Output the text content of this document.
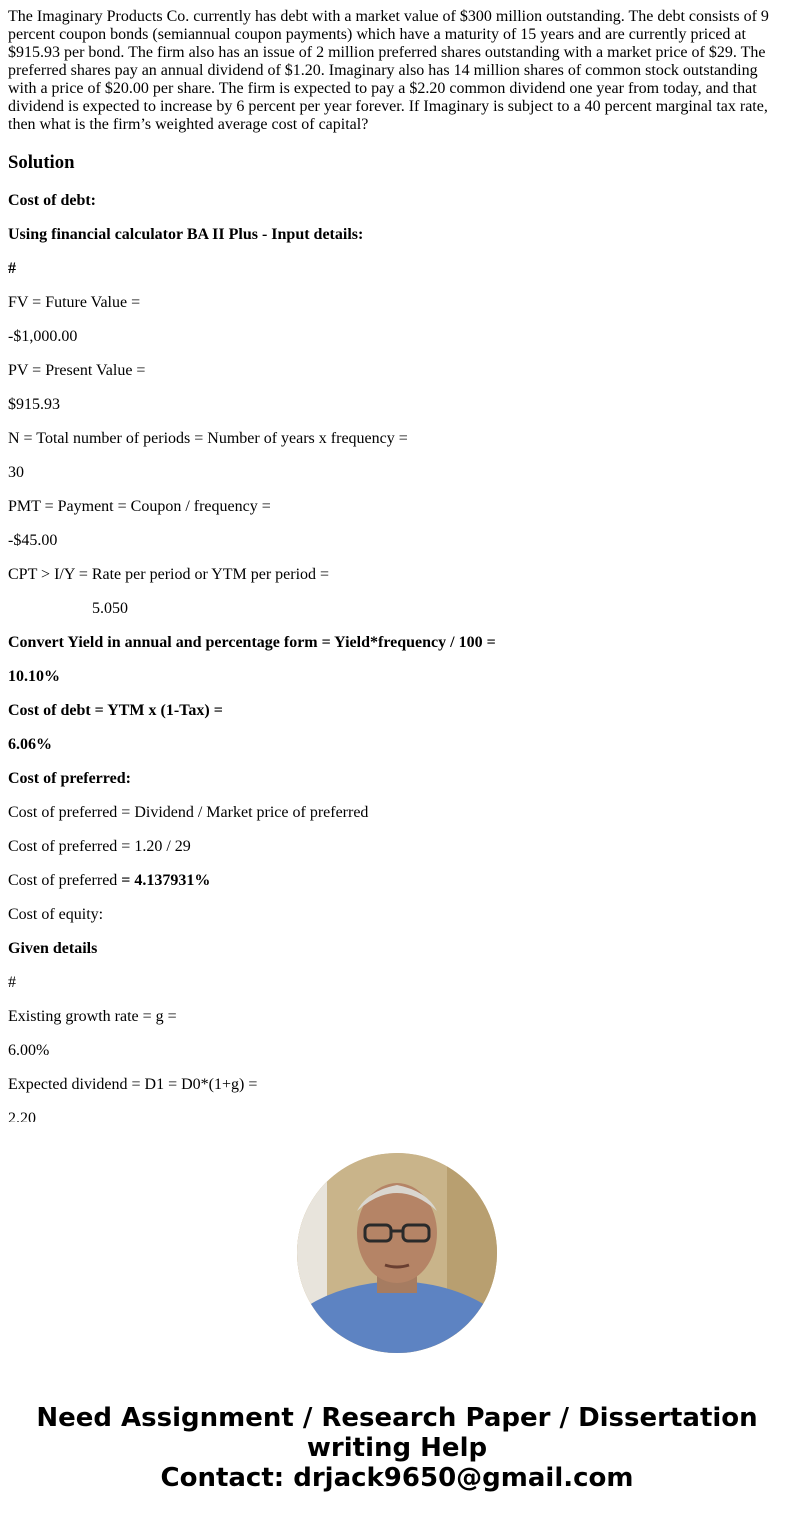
The Imaginary Products Co. currently has debt with a market value of $300 million outstanding. The debt consists of 9 percent coupon bonds (semiannual coupon payments) which have a maturity of 15 years and are currently priced at $915.93 per bond. The firm also has an issue of 2 million preferred shares outstanding with a market price of $29. The preferred shares pay an annual dividend of $1.20. Imaginary also has 14 million shares of common stock outstanding with a price of $20.00 per share. The firm is expected to pay a $2.20 common dividend one year from today, and that dividend is expected to increase by 6 percent per year forever. If Imaginary is subject to a 40 percent marginal tax rate, then what is the firm’s weighted average cost of capital?

Solution
Cost of debt:
Using financial calculator BA II Plus - Input details:
#
FV = Future Value =
-$1,000.00
PV = Present Value =
$915.93
N = Total number of periods = Number of years x frequency =
30
PMT = Payment = Coupon / frequency =
-$45.00
CPT > I/Y = Rate per period or YTM per period =
5.050
Convert Yield in annual and percentage form = Yield*frequency / 100 =
10.10%
Cost of debt = YTM x (1-Tax) =
6.06%
Cost of preferred:
Cost of preferred = Dividend / Market price of preferred
Cost of preferred = 1.20 / 29
Cost of preferred = 4.137931%
Cost of equity:
Given details
#
Existing growth rate = g =
6.00%
Expected dividend = D1 = D0*(1+g) =
2.20
Need Assignment / Research Paper / Dissertation
writing Help
Contact: drjack9650@gmail.com
